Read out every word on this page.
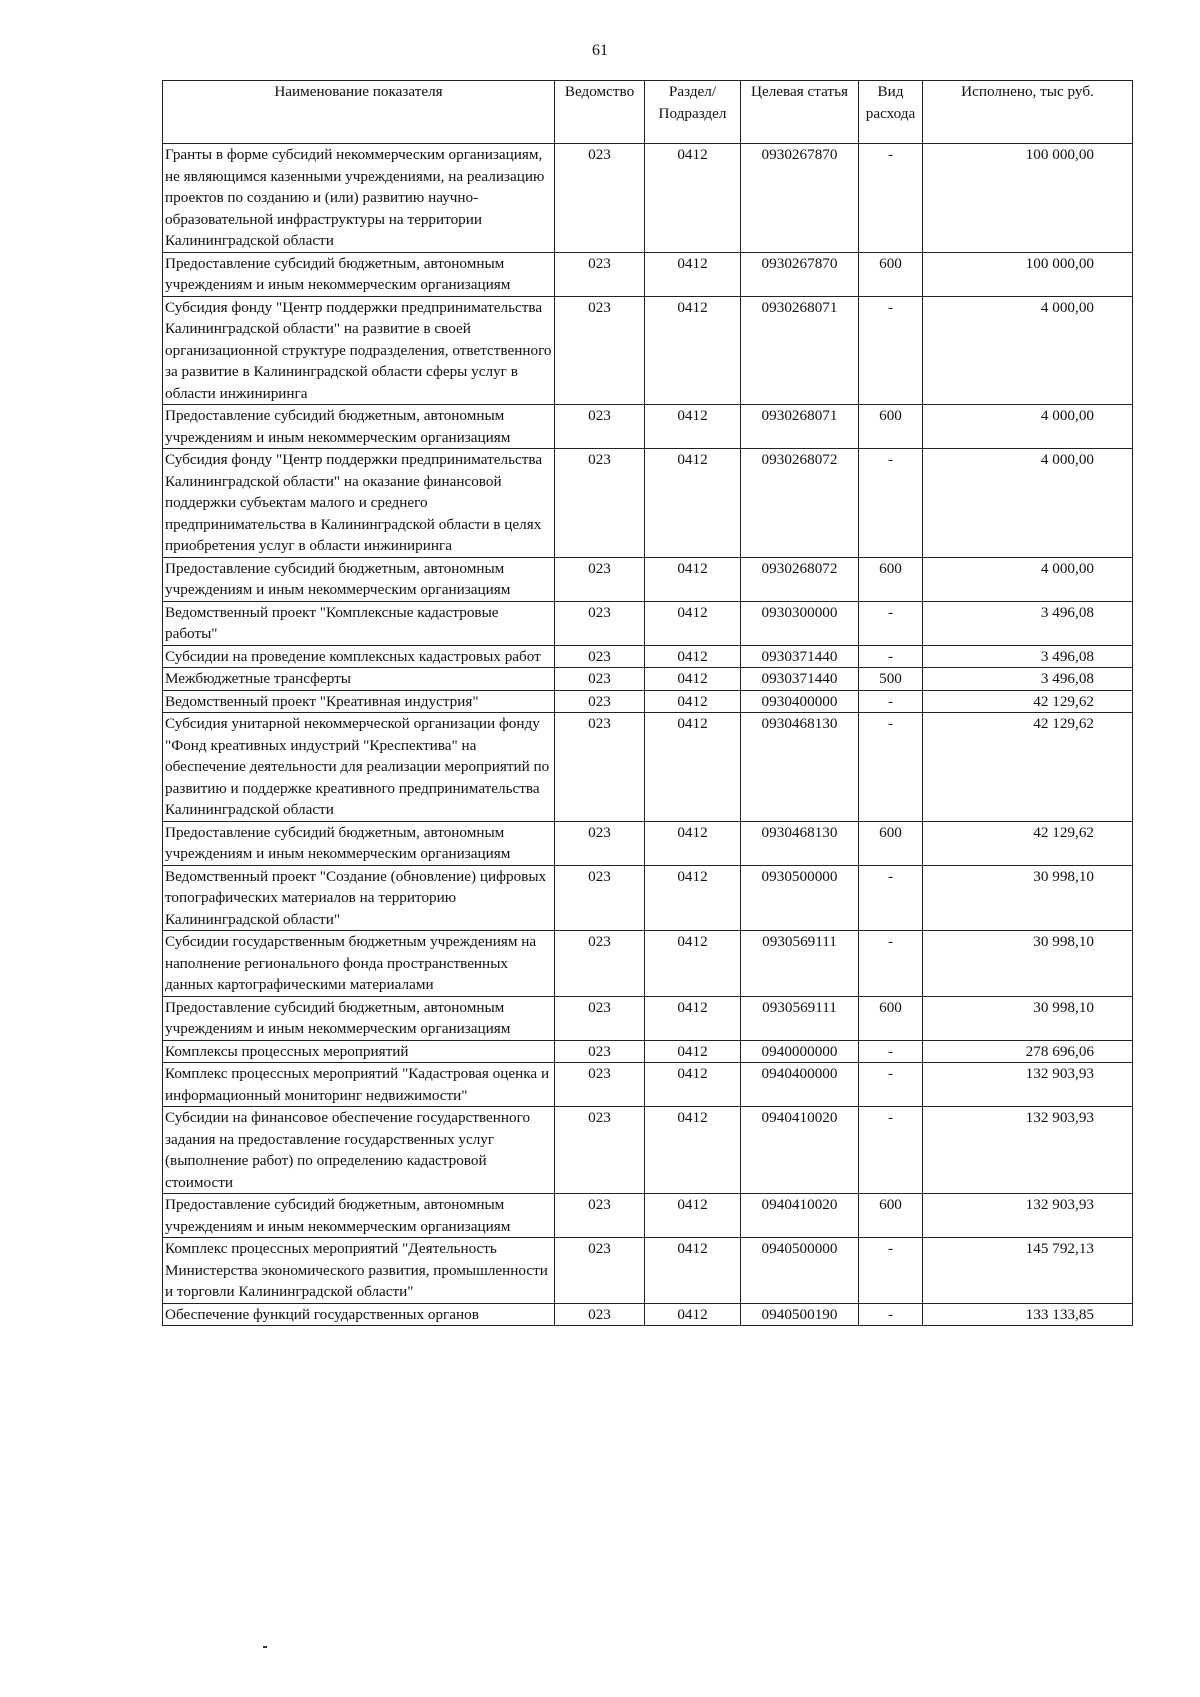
61
Наименование показателя	Ведомство	Раздел/ Подраздел	Целевая статья	Вид расхода	Исполнено, тыс руб.
Гранты в форме субсидий некоммерческим организациям, не являющимся казенными учреждениями, на реализацию проектов по созданию и (или) развитию научно-образовательной инфраструктуры на территории Калининградской области	023	0412	0930267870	-	100 000,00
Предоставление субсидий бюджетным, автономным учреждениям и иным некоммерческим организациям	023	0412	0930267870	600	100 000,00
Субсидия фонду "Центр поддержки предпринимательства Калининградской области" на развитие в своей организационной структуре подразделения, ответственного за развитие в Калининградской области сферы услуг в области инжиниринга	023	0412	0930268071	-	4 000,00
Предоставление субсидий бюджетным, автономным учреждениям и иным некоммерческим организациям	023	0412	0930268071	600	4 000,00
Субсидия фонду "Центр поддержки предпринимательства Калининградской области" на оказание финансовой поддержки субъектам малого и среднего предпринимательства в Калининградской области в целях приобретения услуг в области инжиниринга	023	0412	0930268072	-	4 000,00
Предоставление субсидий бюджетным, автономным учреждениям и иным некоммерческим организациям	023	0412	0930268072	600	4 000,00
Ведомственный проект "Комплексные кадастровые работы"	023	0412	0930300000	-	3 496,08
Субсидии на проведение комплексных кадастровых работ	023	0412	0930371440	-	3 496,08
Межбюджетные трансферты	023	0412	0930371440	500	3 496,08
Ведомственный проект "Креативная индустрия"	023	0412	0930400000	-	42 129,62
Субсидия унитарной некоммерческой организации фонду "Фонд креативных индустрий "Креспектива" на обеспечение деятельности для реализации мероприятий по развитию и поддержке креативного предпринимательства Калининградской области	023	0412	0930468130	-	42 129,62
Предоставление субсидий бюджетным, автономным учреждениям и иным некоммерческим организациям	023	0412	0930468130	600	42 129,62
Ведомственный проект "Создание (обновление) цифровых топографических материалов на территорию Калининградской области"	023	0412	0930500000	-	30 998,10
Субсидии государственным бюджетным учреждениям на наполнение регионального фонда пространственных данных картографическими материалами	023	0412	0930569111	-	30 998,10
Предоставление субсидий бюджетным, автономным учреждениям и иным некоммерческим организациям	023	0412	0930569111	600	30 998,10
Комплексы процессных мероприятий	023	0412	0940000000	-	278 696,06
Комплекс процессных мероприятий "Кадастровая оценка и информационный мониторинг недвижимости"	023	0412	0940400000	-	132 903,93
Субсидии на финансовое обеспечение государственного задания на предоставление государственных услуг (выполнение работ) по определению кадастровой стоимости	023	0412	0940410020	-	132 903,93
Предоставление субсидий бюджетным, автономным учреждениям и иным некоммерческим организациям	023	0412	0940410020	600	132 903,93
Комплекс процессных мероприятий "Деятельность Министерства экономического развития, промышленности и торговли Калининградской области"	023	0412	0940500000	-	145 792,13
Обеспечение функций государственных органов	023	0412	0940500190	-	133 133,85
